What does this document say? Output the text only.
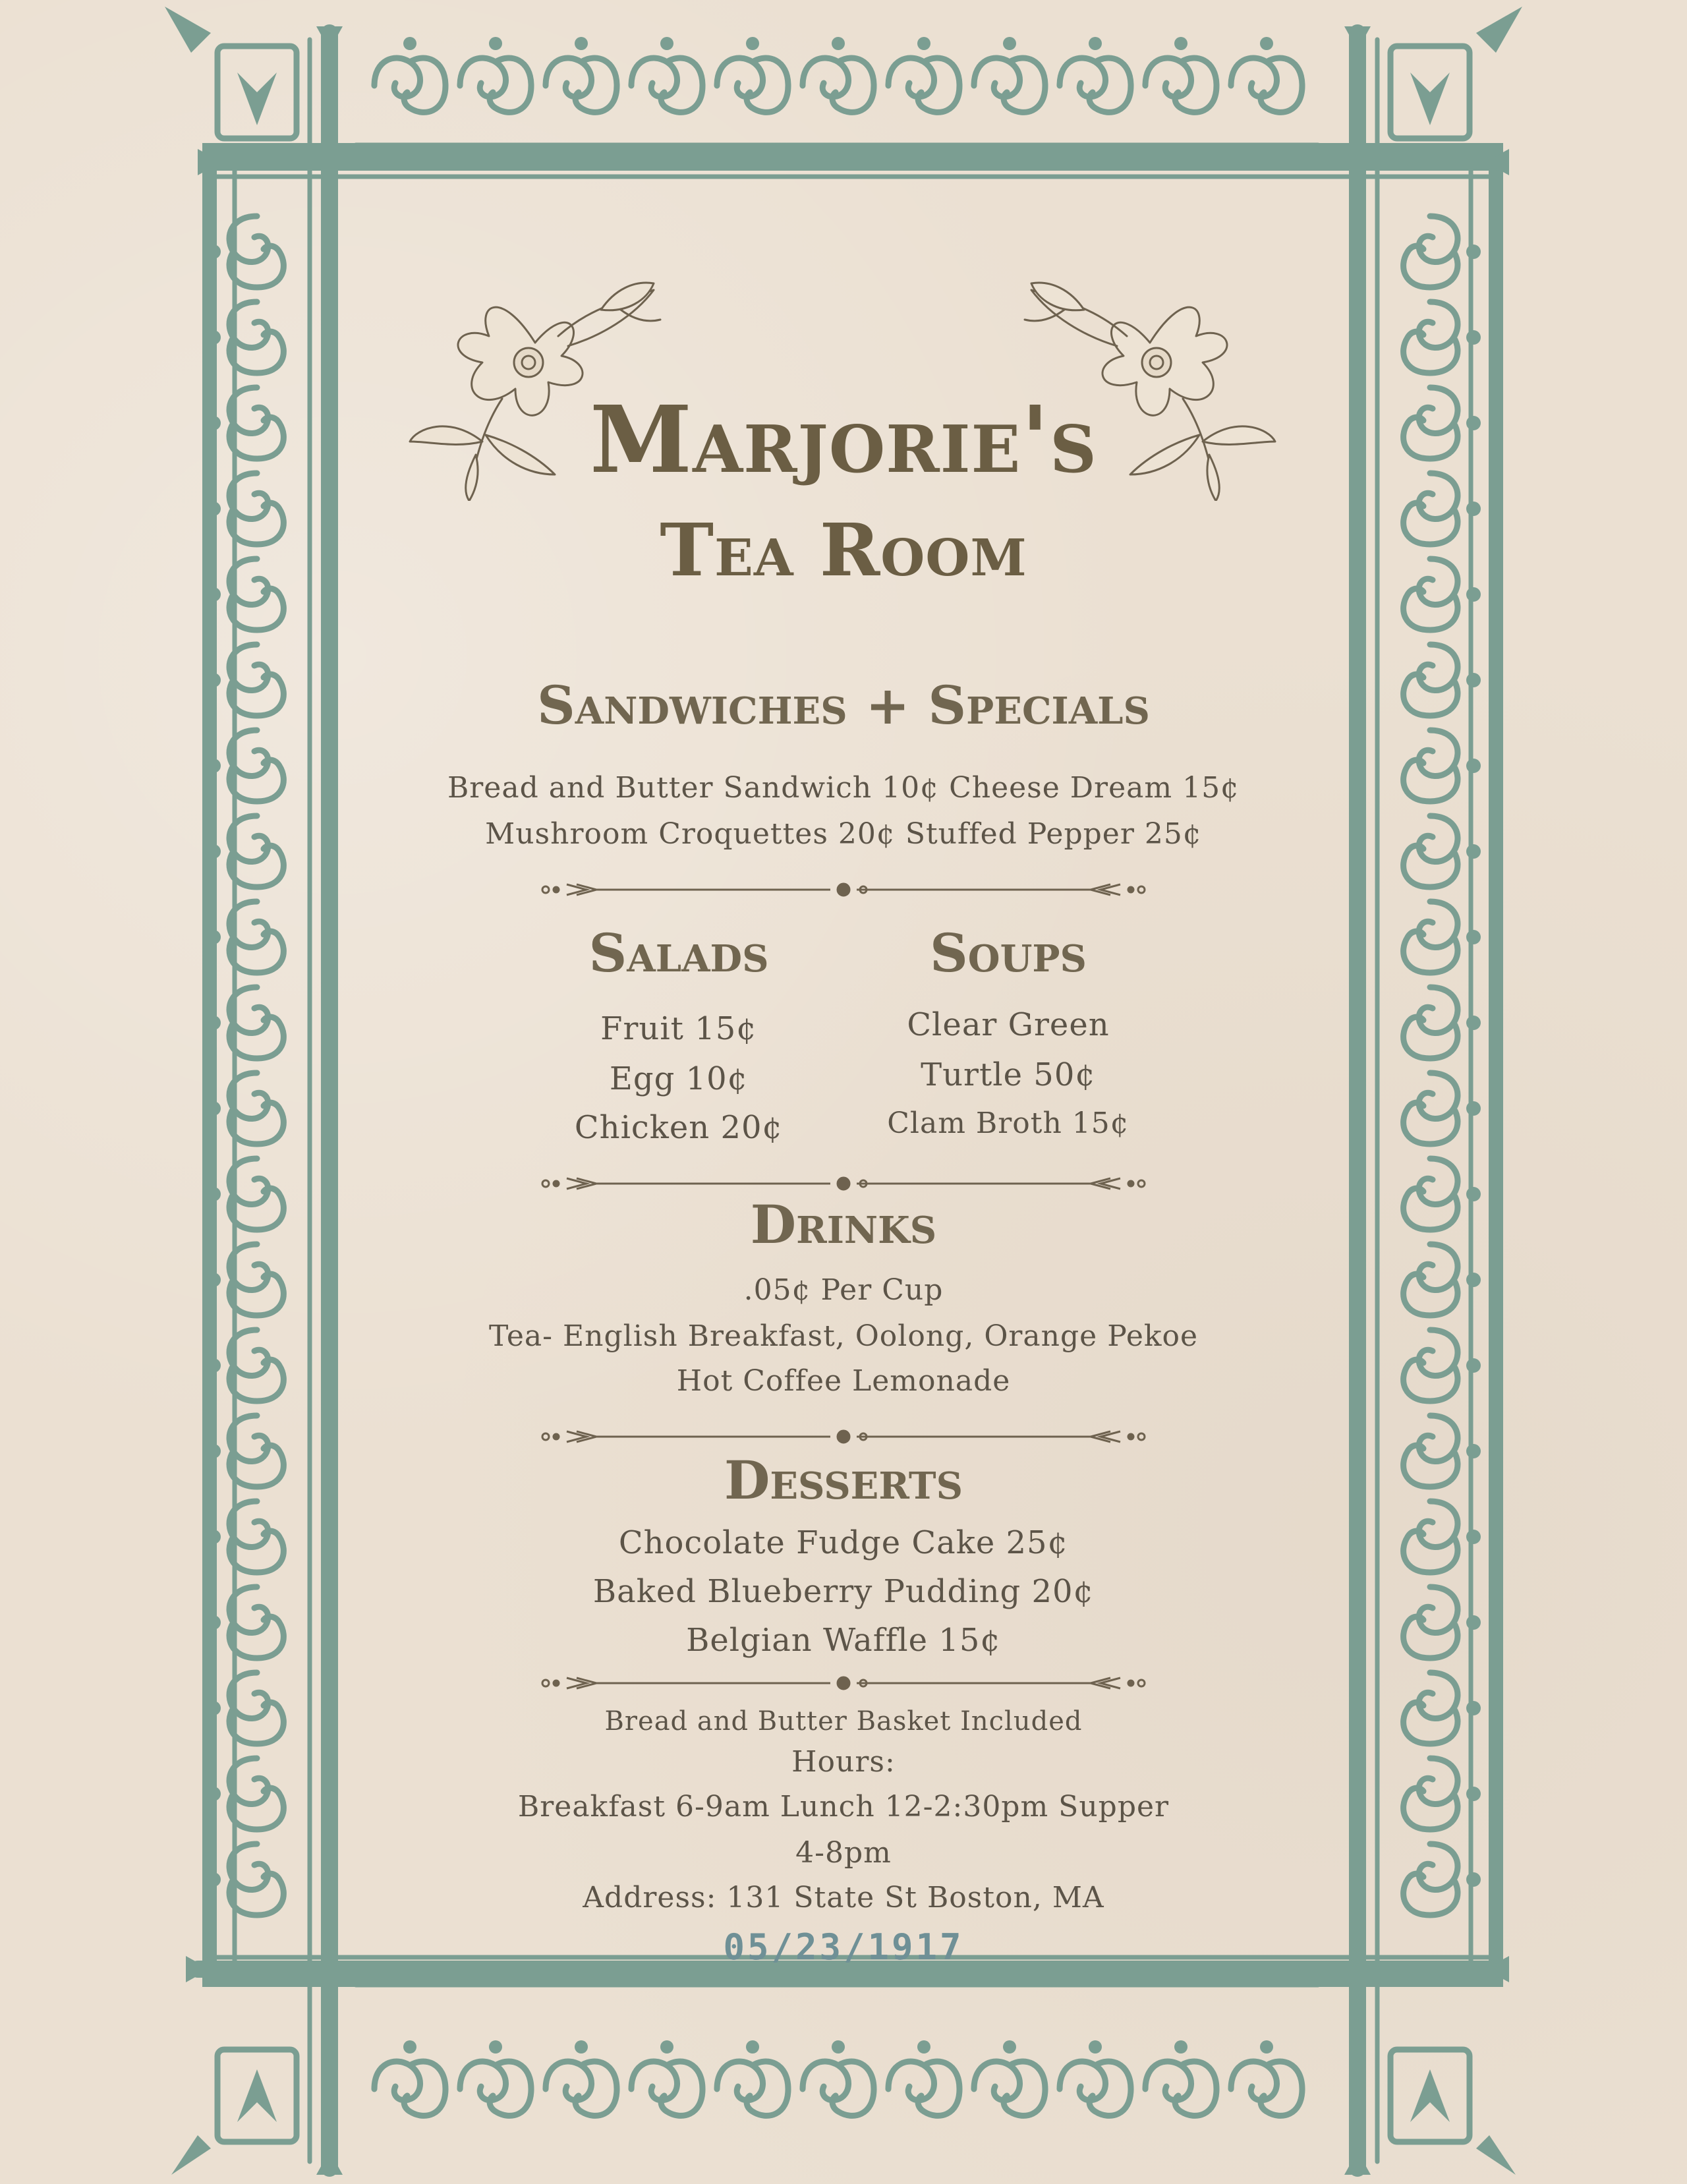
Marjorie's
Tea Room
Sandwiches + Specials

Bread and Butter Sandwich 10¢ Cheese Dream 15¢

Mushroom Croquettes 20¢ Stuffed Pepper 25¢

Salads

Fruit 15¢

Egg 10¢

Chicken 20¢

Soups

Clear Green

Turtle 50¢

Clam Broth 15¢

Drinks

.05¢ Per Cup

Tea- English Breakfast, Oolong, Orange Pekoe

Hot Coffee Lemonade

Desserts

Chocolate Fudge Cake 25¢

Baked Blueberry Pudding 20¢

Belgian Waffle 15¢

Bread and Butter Basket Included

Hours:

Breakfast 6-9am Lunch 12-2:30pm Supper

4-8pm

Address: 131 State St Boston, MA

05/23/1917
